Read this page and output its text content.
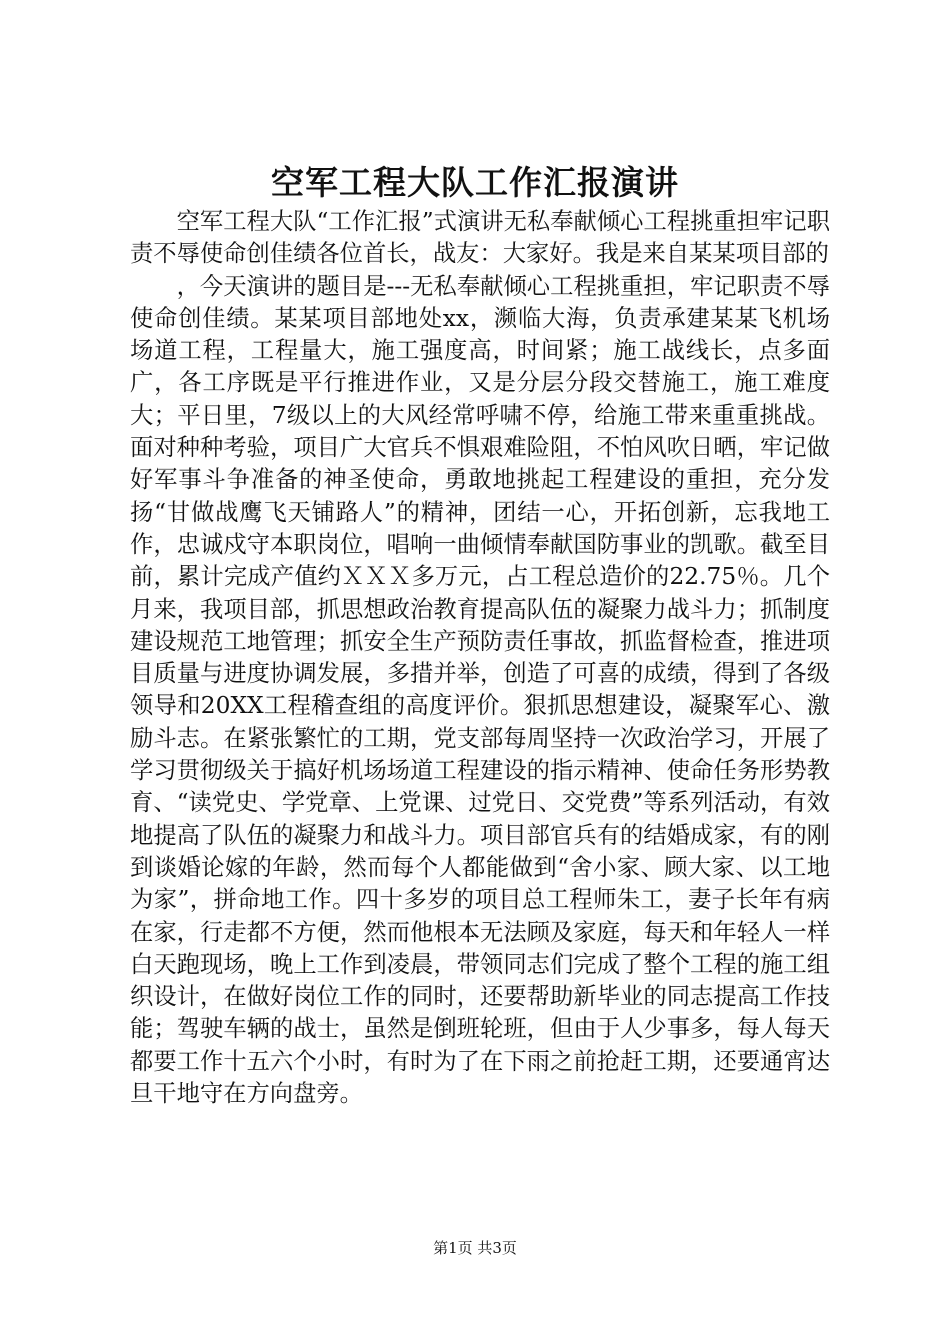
空军工程大队工作汇报演讲

空军工程大队“工作汇报”式演讲无私奉献倾心工程挑重担牢记职责不辱使命创佳绩各位首长，战友：大家好。我是来自某某项目部的

，今天演讲的题目是---无私奉献倾心工程挑重担，牢记职责不辱使命创佳绩。某某项目部地处xx，濒临大海，负责承建某某飞机场场道工程，工程量大，施工强度高，时间紧；施工战线长，点多面广，各工序既是平行推进作业，又是分层分段交替施工，施工难度大；平日里，7级以上的大风经常呼啸不停，给施工带来重重挑战。面对种种考验，项目广大官兵不惧艰难险阻，不怕风吹日晒，牢记做好军事斗争准备的神圣使命，勇敢地挑起工程建设的重担，充分发扬“甘做战鹰飞天铺路人”的精神，团结一心，开拓创新，忘我地工作，忠诚戍守本职岗位，唱响一曲倾情奉献国防事业的凯歌。截至目前，累计完成产值约ＸＸＸ多万元，占工程总造价的22.75％。几个月来，我项目部，抓思想政治教育提高队伍的凝聚力战斗力；抓制度建设规范工地管理；抓安全生产预防责任事故，抓监督检查，推进项目质量与进度协调发展，多措并举，创造了可喜的成绩，得到了各级领导和20XX工程稽查组的高度评价。狠抓思想建设，凝聚军心、激励斗志。在紧张繁忙的工期，党支部每周坚持一次政治学习，开展了学习贯彻级关于搞好机场场道工程建设的指示精神、使命任务形势教育、“读党史、学党章、上党课、过党日、交党费”等系列活动，有效地提高了队伍的凝聚力和战斗力。项目部官兵有的结婚成家，有的刚到谈婚论嫁的年龄，然而每个人都能做到“舍小家、顾大家、以工地为家”，拼命地工作。四十多岁的项目总工程师朱工，妻子长年有病在家，行走都不方便，然而他根本无法顾及家庭，每天和年轻人一样白天跑现场，晚上工作到凌晨，带领同志们完成了整个工程的施工组织设计，在做好岗位工作的同时，还要帮助新毕业的同志提高工作技能；驾驶车辆的战士，虽然是倒班轮班，但由于人少事多，每人每天都要工作十五六个小时，有时为了在下雨之前抢赶工期，还要通宵达旦干地守在方向盘旁。

第1页 共3页
